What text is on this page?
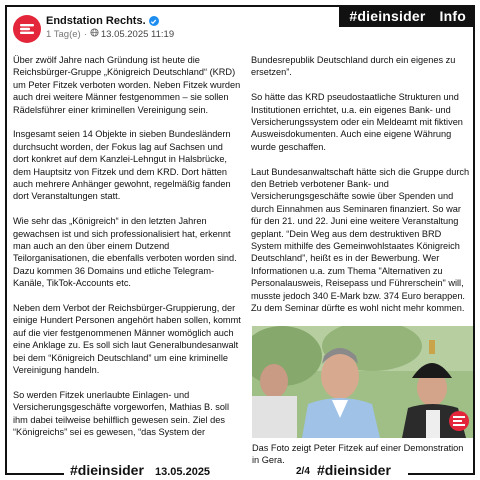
#dieinsider Info
Endstation Rechts.
1 Tag(e) · 13.05.2025 11:19

Über zwölf Jahre nach Gründung ist heute die Reichsbürger-Gruppe „Königreich Deutschland“ (KRD) um Peter Fitzek verboten worden. Neben Fitzek wurden auch drei weitere Männer festgenommen – sie sollen Rädelsführer einer kriminellen Vereinigung sein.

Insgesamt seien 14 Objekte in sieben Bundesländern durchsucht worden, der Fokus lag auf Sachsen und dort konkret auf dem Kanzlei-Lehngut in Halsbrücke, dem Hauptsitz von Fitzek und dem KRD. Dort hätten auch mehrere Anhänger gewohnt, regelmäßig fanden dort Veranstaltungen statt.

Wie sehr das „Königreich“ in den letzten Jahren gewachsen ist und sich professionalisiert hat, erkennt man auch an den über einem Dutzend Teilorganisationen, die ebenfalls verboten worden sind. Dazu kommen 36 Domains und etliche Telegram-Kanäle, TikTok-Accounts etc.

Neben dem Verbot der Reichsbürger-Gruppierung, der einige Hundert Personen angehört haben sollen, kommt auf die vier festgenommenen Männer womöglich auch eine Anklage zu. Es soll sich laut Generalbundesanwalt bei dem “Königreich Deutschland” um eine kriminelle Vereinigung handeln.

So werden Fitzek unerlaubte Einlagen- und Versicherungsgeschäfte vorgeworfen, Mathias B. soll ihm dabei teilweise behilflich gewesen sein. Ziel des “Königreichs” sei es gewesen, “das System der

Bundesrepublik Deutschland durch ein eigenes zu ersetzen”.

So hätte das KRD pseudostaatliche Strukturen und Institutionen errichtet, u.a. ein eigenes Bank- und Versicherungssystem oder ein Meldeamt mit fiktiven Ausweisdokumenten. Auch eine eigene Währung wurde geschaffen.

Laut Bundesanwaltschaft hätte sich die Gruppe durch den Betrieb verbotener Bank- und Versicherungsgeschäfte sowie über Spenden und durch Einnahmen aus Seminaren finanziert. So war für den 21. und 22. Juni eine weitere Veranstaltung geplant. “Dein Weg aus dem destruktiven BRD System mithilfe des Gemeinwohlstaates Königreich Deutschland”, heißt es in der Bewerbung. Wer Informationen u.a. zum Thema "Alternativen zu Personalausweis, Reisepass und Führerschein" will, musste jedoch 340 E-Mark bzw. 374 Euro berappen. Zu dem Seminar dürfte es wohl nicht mehr kommen.

Das Foto zeigt Peter Fitzek auf einer Demonstration in Gera.
#dieinsider 13.05.2025	2/4 #dieinsider
